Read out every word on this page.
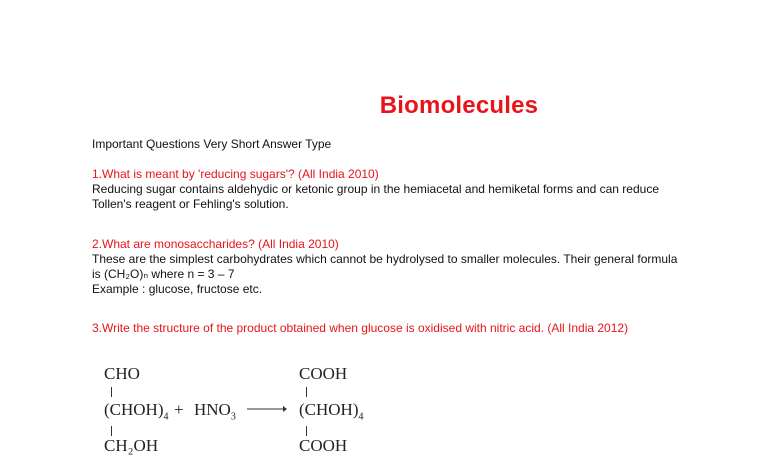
Biomolecules

Important Questions Very Short Answer Type

1.What is meant by 'reducing sugars'? (All India 2010)

Reducing sugar contains aldehydic or ketonic group in the hemiacetal and hemiketal forms and can reduce

Tollen's reagent or Fehling's solution.

2.What are monosaccharides? (All India 2010)

These are the simplest carbohydrates which cannot be hydrolysed to smaller molecules. Their general formula is (CH₂O)ₙ where n = 3 – 7

Example : glucose, fructose etc.

3.Write the structure of the product obtained when glucose is oxidised with nitric acid. (All India 2012)

CHO
$(CHOH)_4 + HNO_3$
COOH
$(CHOH)_4$
CH₂OH	COOH
